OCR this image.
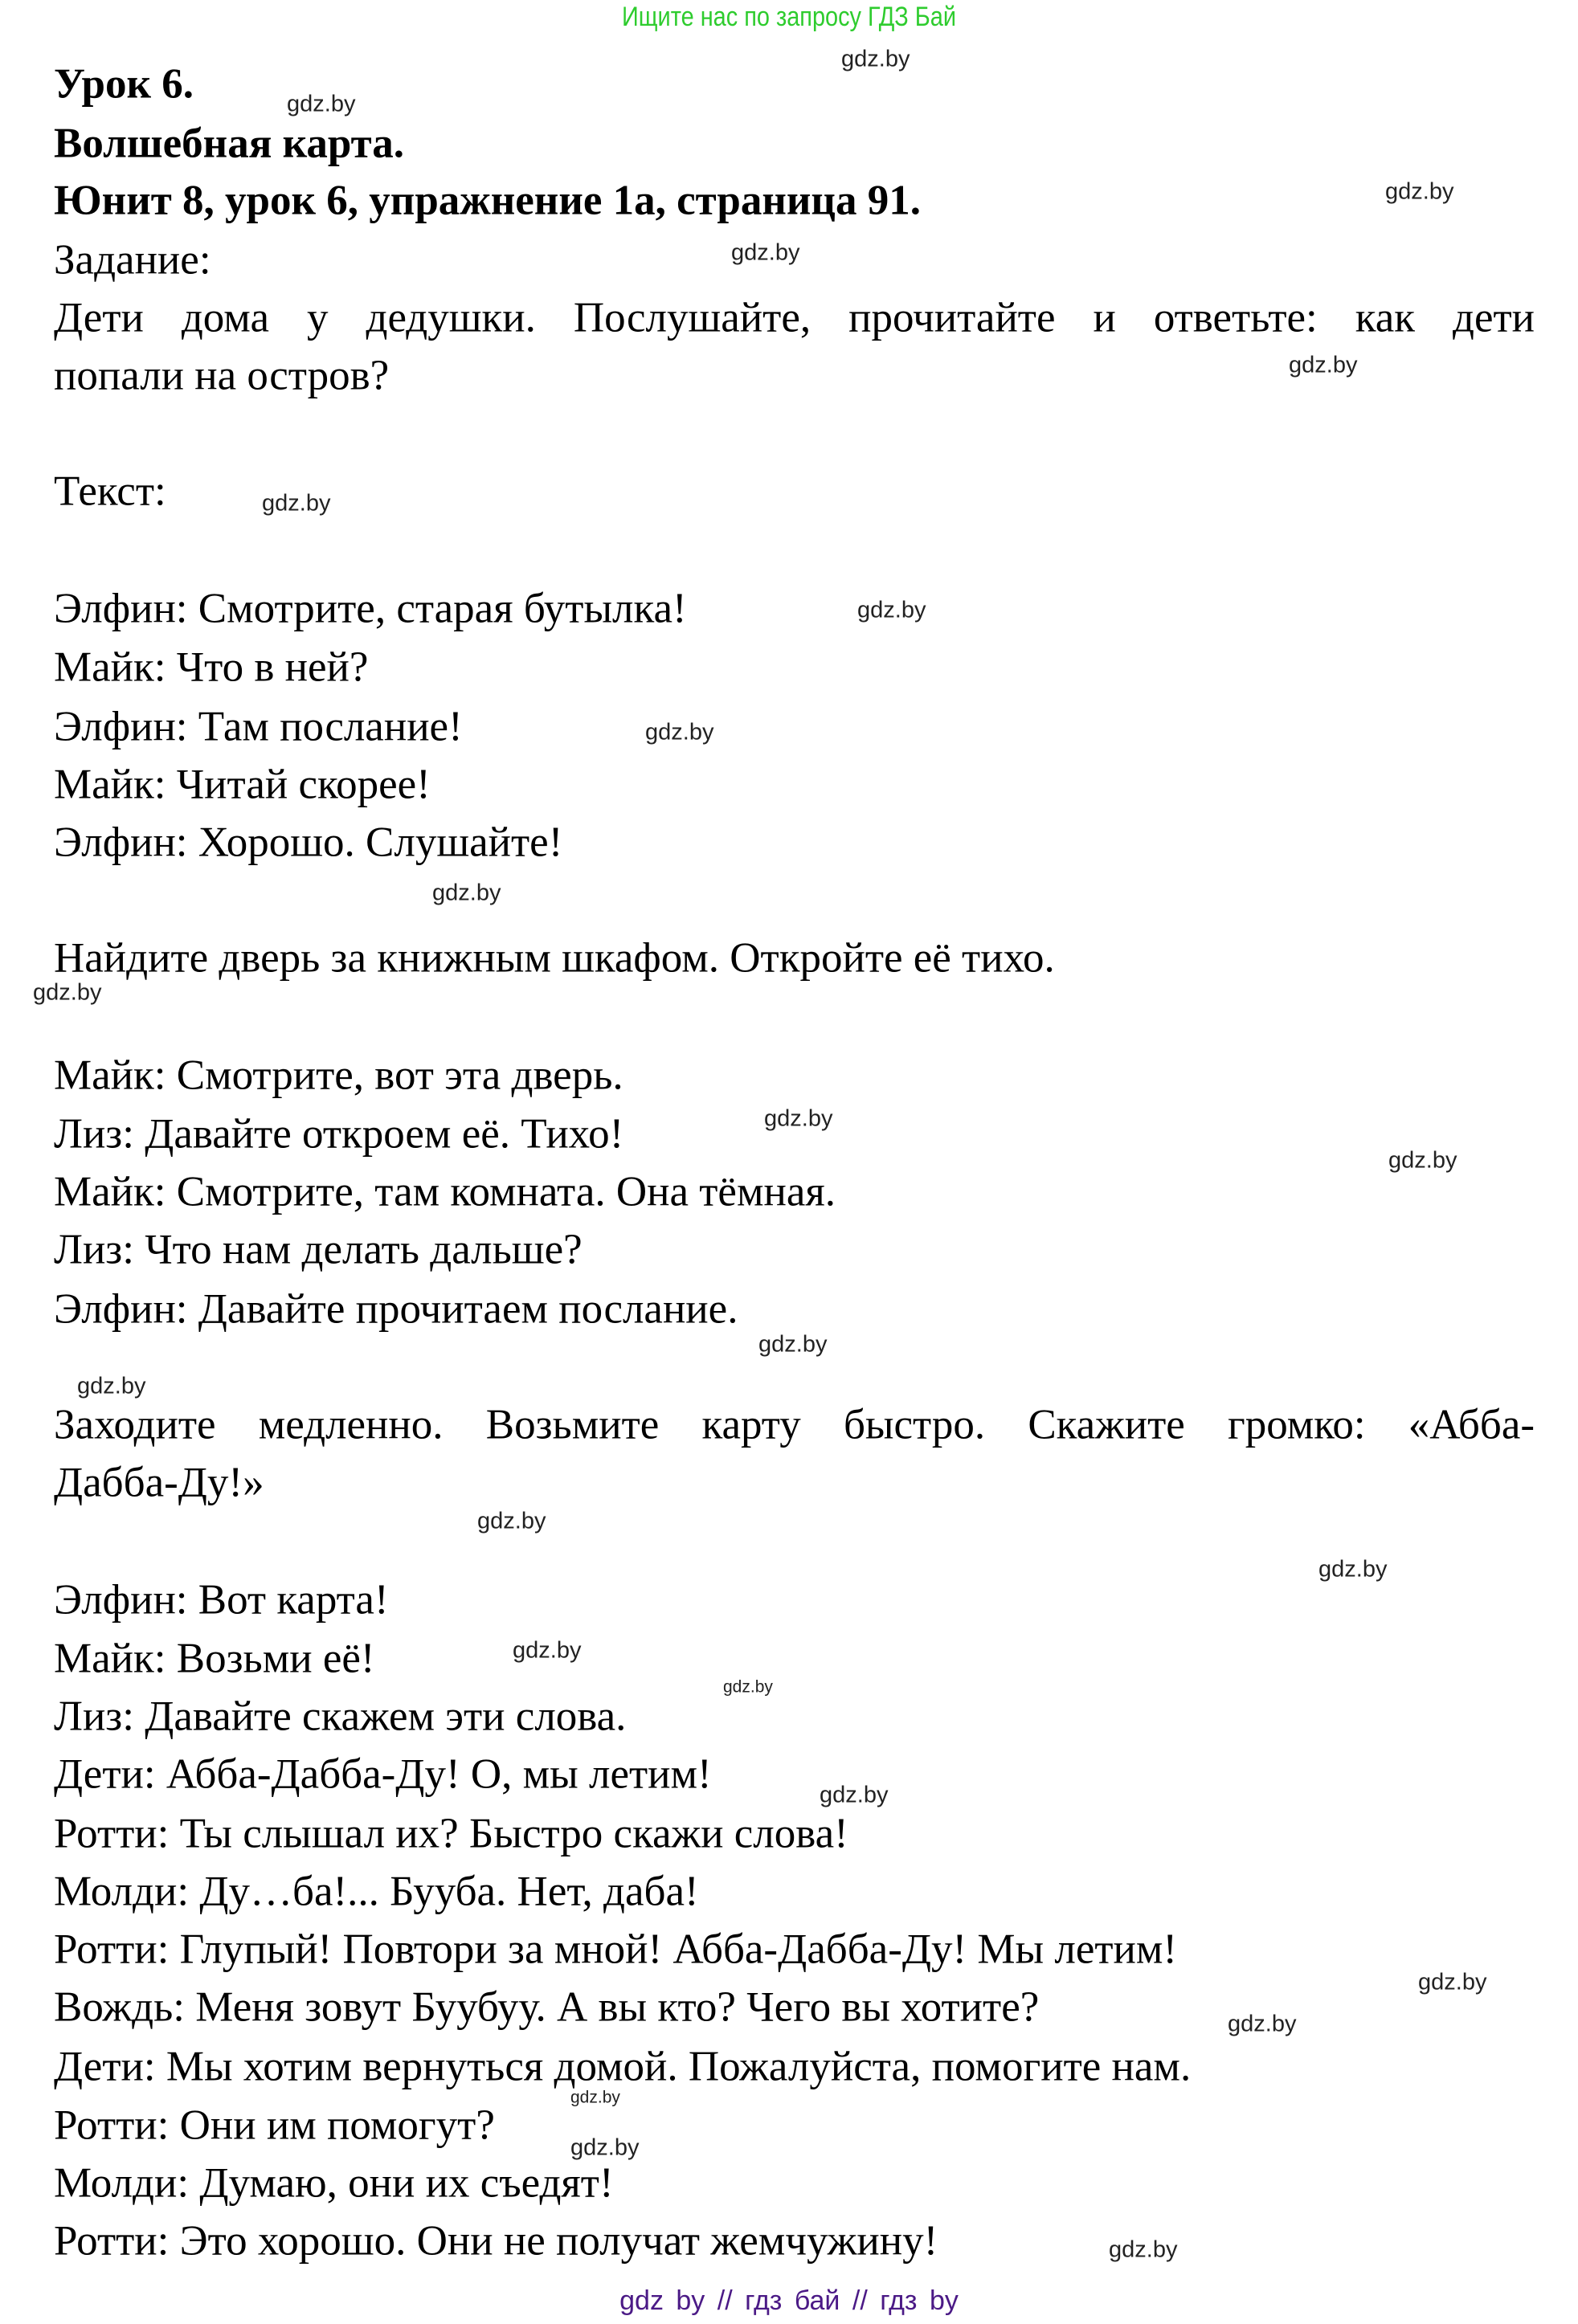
Ищите нас по запросу ГДЗ Бай
Урок 6.
Волшебная карта.
Юнит 8, урок 6, упражнение 1а, страница 91.
Задание:
Дети дома у дедушки. Послушайте, прочитайте и ответьте: как дети
попали на остров?
Текст:
Элфин: Смотрите, старая бутылка!
Майк: Что в ней?
Элфин: Там послание!
Майк: Читай скорее!
Элфин: Хорошо. Слушайте!
Найдите дверь за книжным шкафом. Откройте её тихо.
Майк: Смотрите, вот эта дверь.
Лиз: Давайте откроем её. Тихо!
Майк: Смотрите, там комната. Она тёмная.
Лиз: Что нам делать дальше?
Элфин: Давайте прочитаем послание.
Заходите медленно. Возьмите карту быстро. Скажите громко: «Абба-
Дабба-Ду!»
Элфин: Вот карта!
Майк: Возьми её!
Лиз: Давайте скажем эти слова.
Дети: Абба-Дабба-Ду! О, мы летим!
Ротти: Ты слышал их? Быстро скажи слова!
Молди: Ду…ба!... Бууба. Нет, даба!
Ротти: Глупый! Повтори за мной! Абба-Дабба-Ду! Мы летим!
Вождь: Меня зовут Буубуу. А вы кто? Чего вы хотите?
Дети: Мы хотим вернуться домой. Пожалуйста, помогите нам.
Ротти: Они им помогут?
Молди: Думаю, они их съедят!
Ротти: Это хорошо. Они не получат жемчужину!
gdz.by
gdz.by
gdz.by
gdz.by
gdz.by
gdz.by
gdz.by
gdz.by
gdz.by
gdz.by
gdz.by
gdz.by
gdz.by
gdz.by
gdz.by
gdz.by
gdz.by
gdz.by
gdz.by
gdz.by
gdz.by
gdz.by
gdz.by
gdz.by
gdz by // гдз бай // гдз by
